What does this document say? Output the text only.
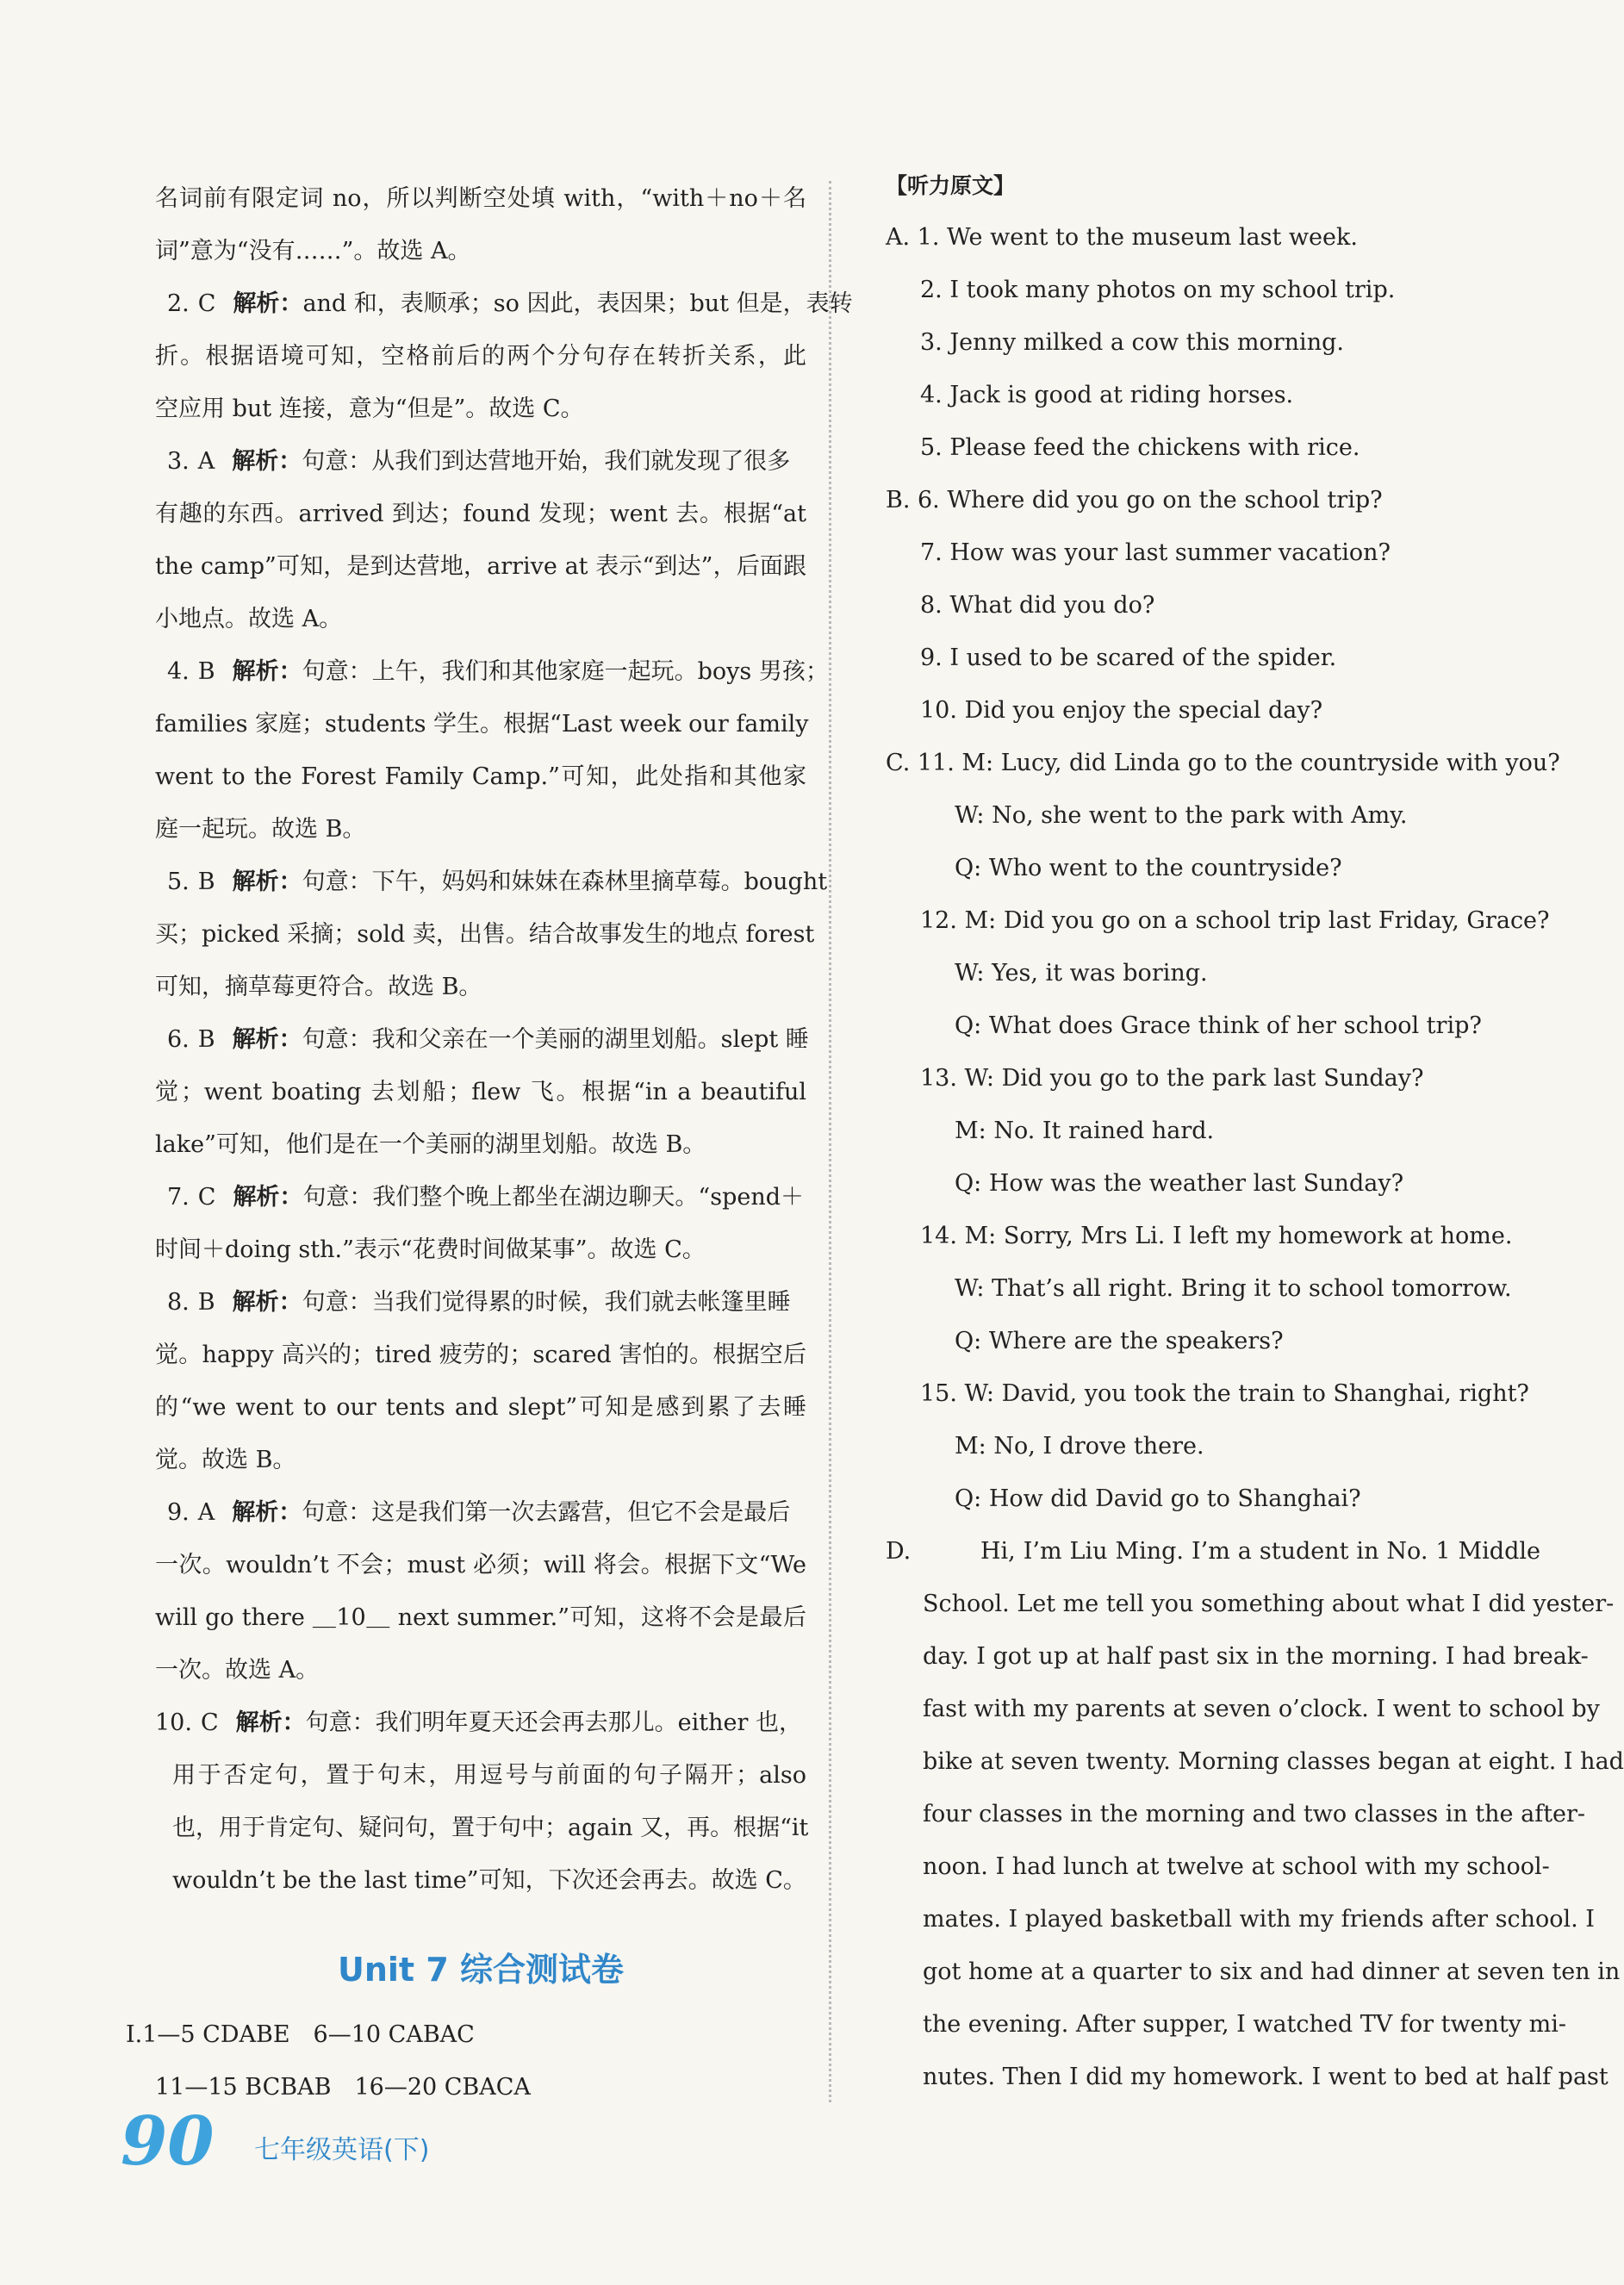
名词前有限定词 no，所以判断空处填 with，“with＋no＋名
词”意为“没有……”。故选 A。
2. C 解析： and 和，表顺承；so 因此，表因果；but 但是，表转
折。根据语境可知，空格前后的两个分句存在转折关系，此
空应用 but 连接，意为“但是”。故选 C。
3. A 解析： 句意：从我们到达营地开始，我们就发现了很多
有趣的东西。arrived 到达；found 发现；went 去。根据“at
the camp”可知，是到达营地，arrive at 表示“到达”，后面跟
小地点。故选 A。
4. B 解析： 句意：上午，我们和其他家庭一起玩。boys 男孩；
families 家庭；students 学生。根据“Last week our family
went to the Forest Family Camp.”可知，此处指和其他家
庭一起玩。故选 B。
5. B 解析： 句意：下午，妈妈和妹妹在森林里摘草莓。bought
买；picked 采摘；sold 卖，出售。结合故事发生的地点 forest
可知，摘草莓更符合。故选 B。
6. B 解析： 句意：我和父亲在一个美丽的湖里划船。slept 睡
觉；went boating 去划船；flew 飞。根据“in a beautiful
lake”可知，他们是在一个美丽的湖里划船。故选 B。
7. C 解析： 句意：我们整个晚上都坐在湖边聊天。“spend＋
时间＋doing sth.”表示“花费时间做某事”。故选 C。
8. B 解析： 句意：当我们觉得累的时候，我们就去帐篷里睡
觉。happy 高兴的；tired 疲劳的；scared 害怕的。根据空后
的“we went to our tents and slept”可知是感到累了去睡
觉。故选 B。
9. A 解析： 句意：这是我们第一次去露营，但它不会是最后
一次。wouldn’t 不会；must 必须；will 将会。根据下文“We
will go there ＿10＿ next summer.”可知，这将不会是最后
一次。故选 A。
10. C 解析： 句意：我们明年夏天还会再去那儿。either 也，
用于否定句，置于句末，用逗号与前面的句子隔开；also
也，用于肯定句、疑问句，置于句中；again 又，再。根据“it
wouldn’t be the last time”可知，下次还会再去。故选 C。
Unit 7 综合测试卷
Ⅰ.1—5 CDABE　6—10 CABAC
11—15 BCBAB　16—20 CBACA
【听力原文】
A. 1. We went to the museum last week.
2. I took many photos on my school trip.
3. Jenny milked a cow this morning.
4. Jack is good at riding horses.
5. Please feed the chickens with rice.
B. 6. Where did you go on the school trip?
7. How was your last summer vacation?
8. What did you do?
9. I used to be scared of the spider.
10. Did you enjoy the special day?
C. 11. M: Lucy, did Linda go to the countryside with you?
W: No, she went to the park with Amy.
Q: Who went to the countryside?
12. M: Did you go on a school trip last Friday, Grace?
W: Yes, it was boring.
Q: What does Grace think of her school trip?
13. W: Did you go to the park last Sunday?
M: No. It rained hard.
Q: How was the weather last Sunday?
14. M: Sorry, Mrs Li. I left my homework at home.
W: That’s all right. Bring it to school tomorrow.
Q: Where are the speakers?
15. W: David, you took the train to Shanghai, right?
M: No, I drove there.
Q: How did David go to Shanghai?
D.	Hi, I’m Liu Ming. I’m a student in No. 1 Middle
School. Let me tell you something about what I did yester-
day. I got up at half past six in the morning. I had break-
fast with my parents at seven o’clock. I went to school by
bike at seven twenty. Morning classes began at eight. I had
four classes in the morning and two classes in the after-
noon. I had lunch at twelve at school with my school-
mates. I played basketball with my friends after school. I
got home at a quarter to six and had dinner at seven ten in
the evening. After supper, I watched TV for twenty mi-
nutes. Then I did my homework. I went to bed at half past
90 七年级英语(下)
